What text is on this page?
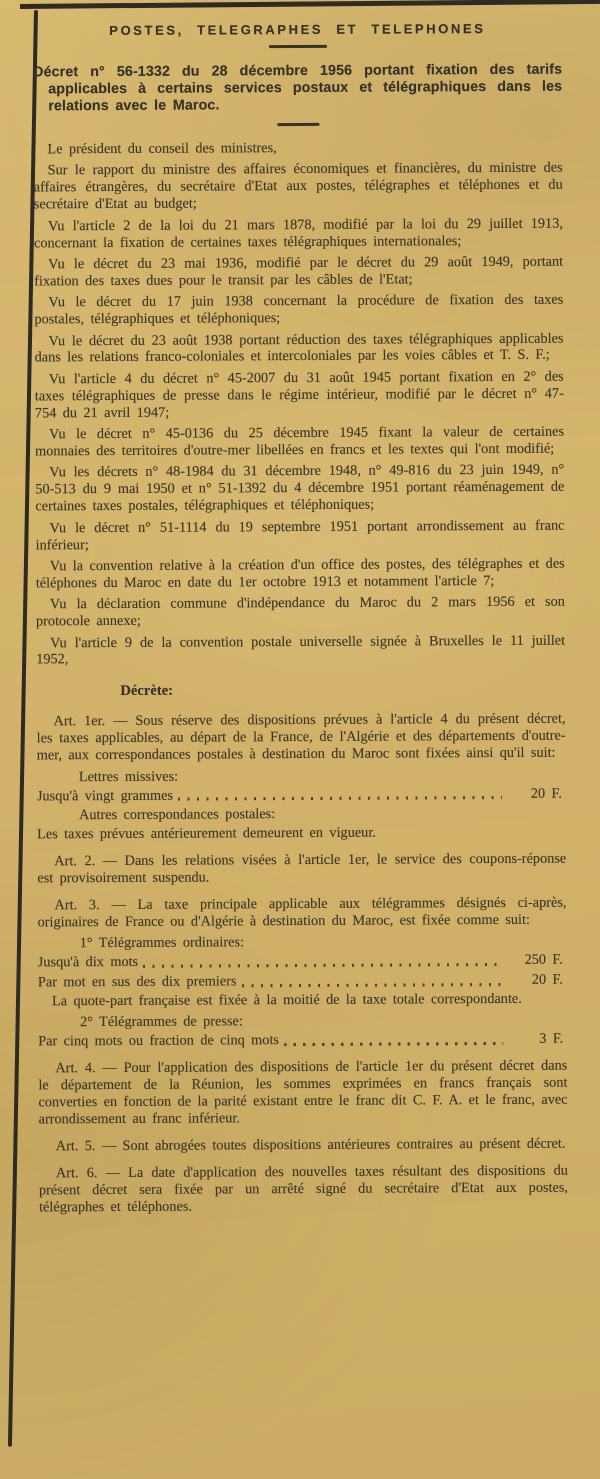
POSTES, TELEGRAPHES ET TELEPHONES

Décret n° 56-1332 du 28 décembre 1956 portant fixation des tarifs applicables à certains services postaux et télégraphiques dans les relations avec le Maroc.

Le président du conseil des ministres,

Sur le rapport du ministre des affaires économiques et financières, du ministre des affaires étrangères, du secrétaire d'Etat aux postes, télégraphes et téléphones et du secrétaire d'Etat au budget;

Vu l'article 2 de la loi du 21 mars 1878, modifié par la loi du 29 juillet 1913, concernant la fixation de certaines taxes télégraphiques internationales;

Vu le décret du 23 mai 1936, modifié par le décret du 29 août 1949, portant fixation des taxes dues pour le transit par les câbles de l'Etat;

Vu le décret du 17 juin 1938 concernant la procédure de fixation des taxes postales, télégraphiques et téléphoniques;

Vu le décret du 23 août 1938 portant réduction des taxes télégraphiques applicables dans les relations franco-coloniales et intercoloniales par les voies câbles et T. S. F.;

Vu l'article 4 du décret n° 45-2007 du 31 août 1945 portant fixation en 2° des taxes télégraphiques de presse dans le régime intérieur, modifié par le décret n° 47-754 du 21 avril 1947;

Vu le décret n° 45-0136 du 25 décembre 1945 fixant la valeur de certaines monnaies des territoires d'outre-mer libellées en francs et les textes qui l'ont modifié;

Vu les décrets n° 48-1984 du 31 décembre 1948, n° 49-816 du 23 juin 1949, n° 50-513 du 9 mai 1950 et n° 51-1392 du 4 décembre 1951 portant réaménagement de certaines taxes postales, télégraphiques et téléphoniques;

Vu le décret n° 51-1114 du 19 septembre 1951 portant arrondissement au franc inférieur;

Vu la convention relative à la création d'un office des postes, des télégraphes et des téléphones du Maroc en date du 1er octobre 1913 et notamment l'article 7;

Vu la déclaration commune d'indépendance du Maroc du 2 mars 1956 et son protocole annexe;

Vu l'article 9 de la convention postale universelle signée à Bruxelles le 11 juillet 1952,

Décrète:

Art. 1er. — Sous réserve des dispositions prévues à l'article 4 du présent décret, les taxes applicables, au départ de la France, de l'Algérie et des départements d'outre-mer, aux correspondances postales à destination du Maroc sont fixées ainsi qu'il suit:

Lettres missives:

Jusqu'à vingt grammes	20 F.

Autres correspondances postales:

Les taxes prévues antérieurement demeurent en vigueur.

Art. 2. — Dans les relations visées à l'article 1er, le service des coupons-réponse est provisoirement suspendu.

Art. 3. — La taxe principale applicable aux télégrammes désignés ci-après, originaires de France ou d'Algérie à destination du Maroc, est fixée comme suit:

1° Télégrammes ordinaires:

Jusqu'à dix mots	250 F.
Par mot en sus des dix premiers	20 F.

La quote-part française est fixée à la moitié de la taxe totale correspondante.

2° Télégrammes de presse:

Par cinq mots ou fraction de cinq mots	3 F.

Art. 4. — Pour l'application des dispositions de l'article 1er du présent décret dans le département de la Réunion, les sommes exprimées en francs français sont converties en fonction de la parité existant entre le franc dit C. F. A. et le franc, avec arrondissement au franc inférieur.

Art. 5. — Sont abrogées toutes dispositions antérieures contraires au présent décret.

Art. 6. — La date d'application des nouvelles taxes résultant des dispositions du présent décret sera fixée par un arrêté signé du secrétaire d'Etat aux postes, télégraphes et téléphones.
